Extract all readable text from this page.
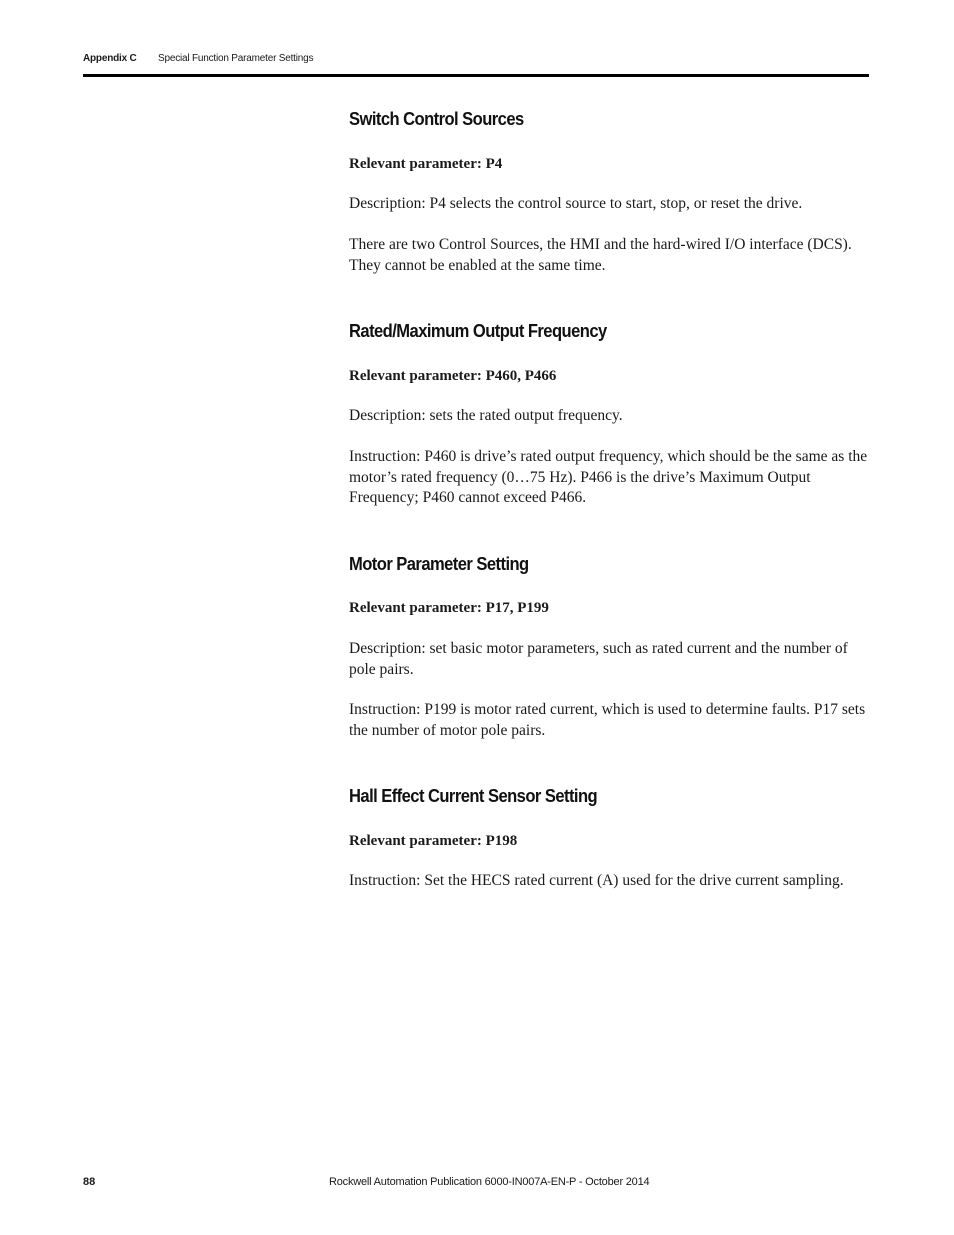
Appendix C Special Function Parameter Settings
Switch Control Sources
Relevant parameter: P4

Description: P4 selects the control source to start, stop, or reset the drive.

There are two Control Sources, the HMI and the hard-wired I/O interface (DCS). They cannot be enabled at the same time.

Rated/Maximum Output Frequency
Relevant parameter: P460, P466

Description: sets the rated output frequency.

Instruction: P460 is drive’s rated output frequency, which should be the same as the motor’s rated frequency (0…75 Hz). P466 is the drive’s Maximum Output Frequency; P460 cannot exceed P466.

Motor Parameter Setting
Relevant parameter: P17, P199

Description: set basic motor parameters, such as rated current and the number of pole pairs.

Instruction: P199 is motor rated current, which is used to determine faults. P17 sets the number of motor pole pairs.

Hall Effect Current Sensor Setting
Relevant parameter: P198

Instruction: Set the HECS rated current (A) used for the drive current sampling.

88	Rockwell Automation Publication 6000-IN007A-EN-P - October 2014
